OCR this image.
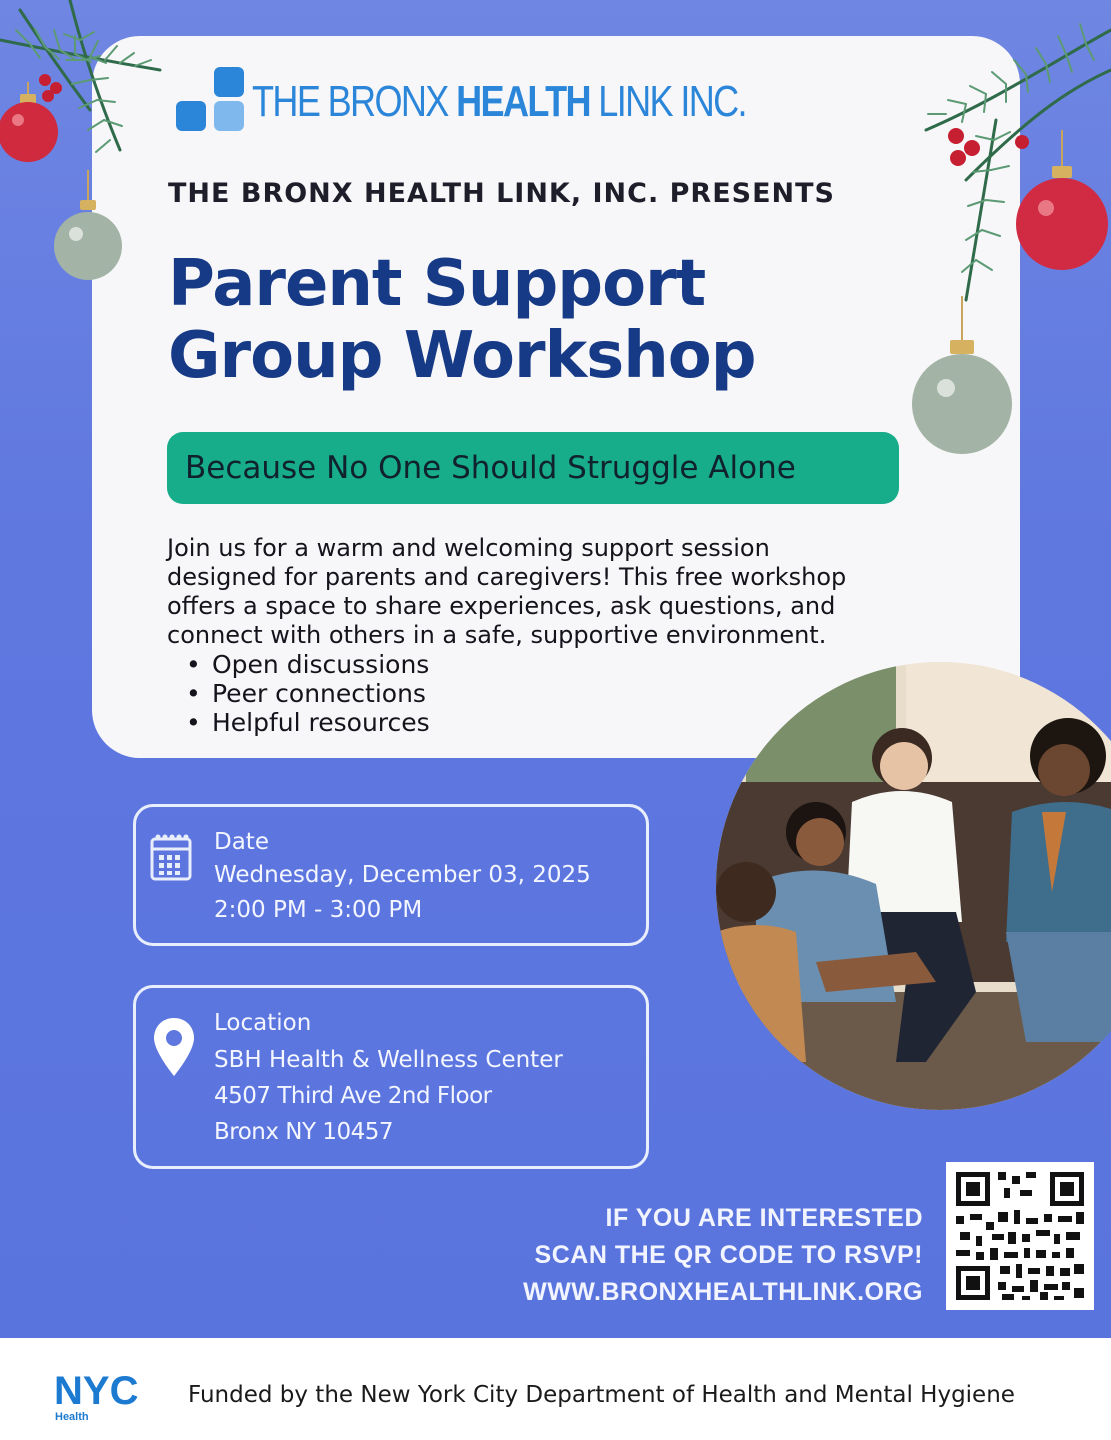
THE BRONX HEALTH LINK INC.
THE BRONX HEALTH LINK, INC. PRESENTS
Parent Support
Group Workshop
Because No One Should Struggle Alone
Join us for a warm and welcoming support session
designed for parents and caregivers! This free workshop
offers a space to share experiences, ask questions, and
connect with others in a safe, supportive environment.
• Open discussions
• Peer connections
• Helpful resources
Date
Wednesday, December 03, 2025
2:00 PM - 3:00 PM
Location
SBH Health & Wellness Center
4507 Third Ave 2nd Floor
Bronx NY 10457
IF YOU ARE INTERESTED
SCAN THE QR CODE TO RSVP!
WWW.BRONXHEALTHLINK.ORG
NYC
Health
Funded by the New York City Department of Health and Mental Hygiene
